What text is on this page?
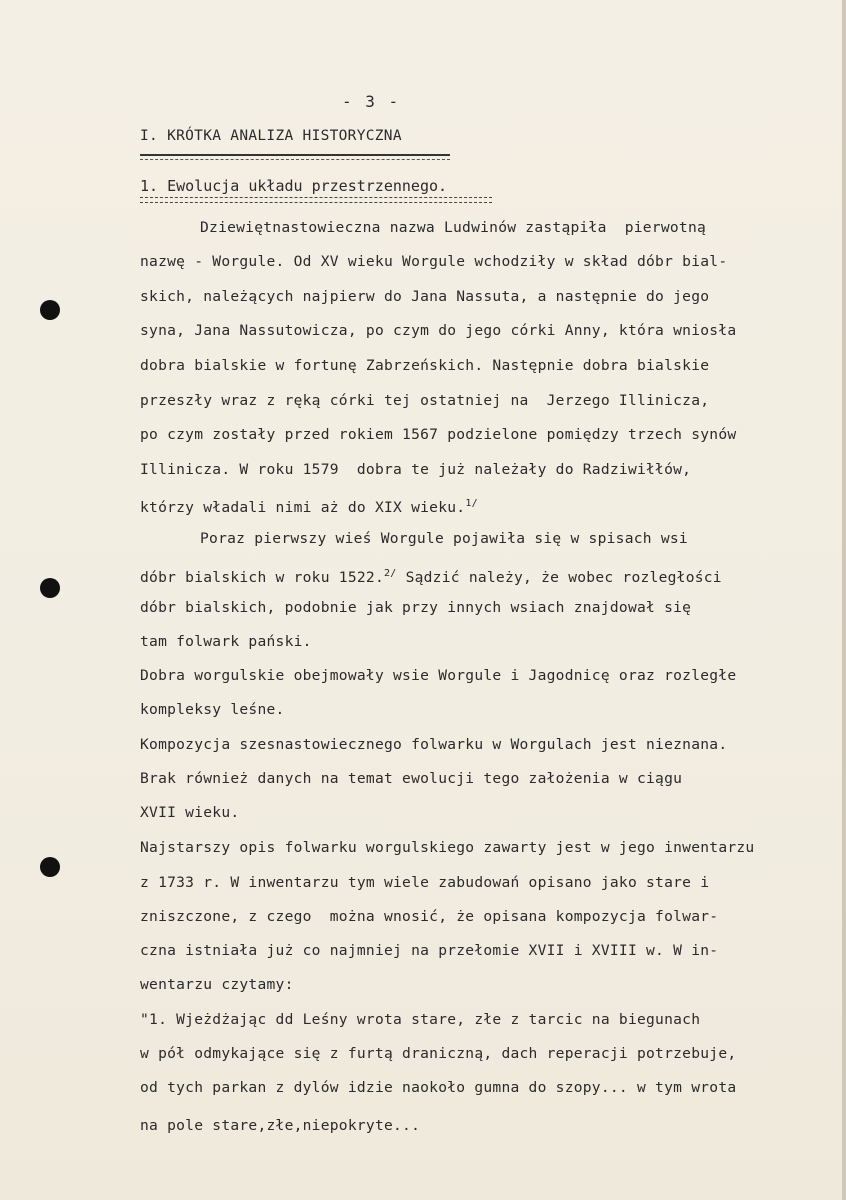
- 3 -
I. KRÓTKA ANALIZA HISTORYCZNA
1. Ewolucja układu przestrzennego.
Dziewiętnastowieczna nazwa Ludwinów zastąpiła  pierwotną
nazwę - Worgule. Od XV wieku Worgule wchodziły w skład dóbr bial-
skich, należących najpierw do Jana Nassuta, a następnie do jego
syna, Jana Nassutowicza, po czym do jego córki Anny, która wniosła
dobra bialskie w fortunę Zabrzeńskich. Następnie dobra bialskie
przeszły wraz z ręką córki tej ostatniej na  Jerzego Illinicza,
po czym zostały przed rokiem 1567 podzielone pomiędzy trzech synów
Illinicza. W roku 1579  dobra te już należały do Radziwiłłów,
którzy władali nimi aż do XIX wieku.$^{1/}$
Poraz pierwszy wieś Worgule pojawiła się w spisach wsi
dóbr bialskich w roku 1522.$^{2/}$ Sądzić należy, że wobec rozległości
dóbr bialskich, podobnie jak przy innych wsiach znajdował się
tam folwark pański.
Dobra worgulskie obejmowały wsie Worgule i Jagodnicę oraz rozległe
kompleksy leśne.
Kompozycja szesnastowiecznego folwarku w Worgulach jest nieznana.
Brak również danych na temat ewolucji tego założenia w ciągu
XVII wieku.
Najstarszy opis folwarku worgulskiego zawarty jest w jego inwentarzu
z 1733 r. W inwentarzu tym wiele zabudowań opisano jako stare i
zniszczone, z czego  można wnosić, że opisana kompozycja folwar-
czna istniała już co najmniej na przełomie XVII i XVIII w. W in-
wentarzu czytamy:
"1. Wjeżdżając dd Leśny wrota stare, złe z tarcic na biegunach
w pół odmykające się z furtą draniczną, dach reperacji potrzebuje,
od tych parkan z dylów idzie naokoło gumna do szopy... w tym wrota
na pole stare,złe,niepokryte...
